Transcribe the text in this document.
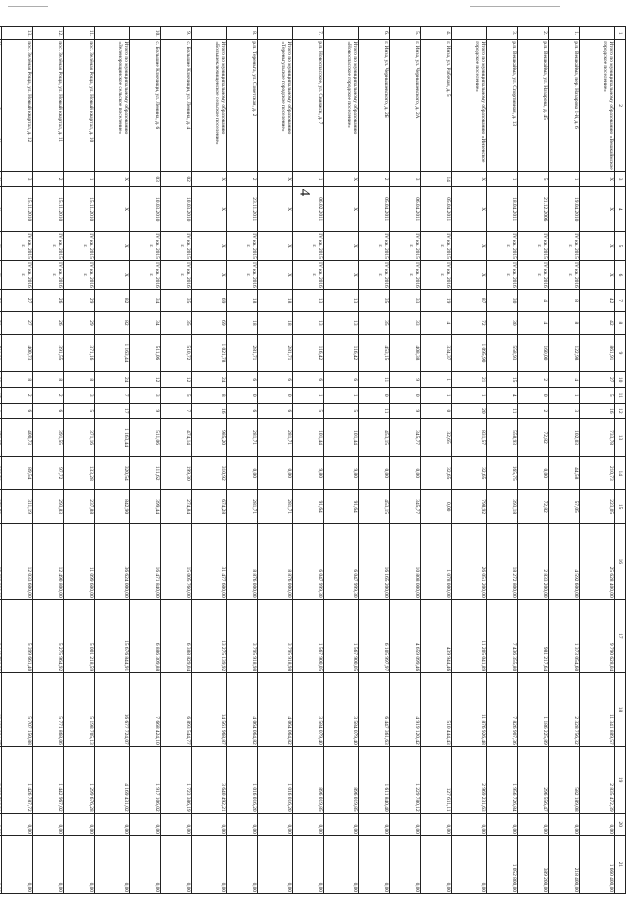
4
1	2	3	4	5	6	7	8	9	10	11	12	13	14	15	16	17	18	19	20	21
	Итого по муниципальному образованию «Вешкаймское городское поселение»	X	X	X	X	42	42	861,91	27	5	16	733,78	210,73	223,05	25 628 400,00	9 790 628,04	11 341 889,57	2 835 472,39	0,00	1 660 400,00
1.	р.п. Вешкайма, пер. Назарова 1-й, д. 6	1	19.04.2010	IV кв. 2015 г.	IV кв. 2016 г.	8	8	122,98	4	1	3	102,03	44,58	57,05	4 592 600,00	1 373 054,60	2 328 756,32	582 189,08	0,00	218 400,00
2.	р.п. Вешкайма, ул. Назарова, д. 45	5	21.12.2006	IV кв. 2015 г.	IV кв. 2016 г.	4	4	160,00	2	0	2	72,82	0,00	72,82	2 833 200,00	981 217,64	1 186 225,89	296 556,47	0,00	389 200,00
3.	р.п. Вешкайма, ул. Спортивная, д. 13	1	18.04.2011	IV кв. 2015 г.	IV кв. 2016 г.	30	30	558,93	15	4	11	558,93	165,75	393,18	18 272 800,00	7 436 355,80	7 826 907,36	1 956 726,84	0,00	1 052 800,00
	Итого по муниципальному образованию «Инзенское городское поселение»	X	X	X	X	87	72	1 095,90	21	1	20	831,57	32,65	798,92	26 051 200,00	11 205 041,89	11 876 926,48	2 969 231,63	0,00	0,00
4.	г. Инза, ул. Рабочая, д. 5	14	05.04.2011	IV кв. 2015 г.	IV кв. 2016 г.	19	4	334,37	1	1	0	32,65	32,65	0,00	1 078 000,00	439 944,46	510 444,43	127 611,11	0,00	0,00
5.	г. Инза, ул. Чернышевского, д. 2А	3	06.04.2011	IV кв. 2015 г.	IV кв. 2016 г.	33	33	408,38	9	0	9	345,77	0,00	345,77	10 808 000,00	4 659 099,46	4 919 120,42	1 229 780,12	0,00	0,00
6.	г. Инза, ул. Чернышевского, д. 2Б	2	05.04.2011	IV кв. 2015 г.	IV кв. 2016 г.	35	35	453,15	11	0	11	453,15	0,00	453,15	16 165 200,00	6 105 997,97	6 447 361,63	1 611 840,40	0,00	0,00
	Итого по муниципальному образованию «Новоспасское городское поселение»	X	X	X	X	13	13	116,42	6	1	5	101,44	9,80	91,64	6 047 999,30	1 567 900,05	3 584 079,40	896 019,85	0,00	0,00
7.	р.п. Новоспасское, ул. Свияжск, д. 7	1	06.02.2011	IV кв. 2015 г.	IV кв. 2016 г.	13	13	116,42	6	1	5	101,44	9,80	91,64	6 047 999,30	1 567 900,05	3 584 079,40	896 019,85	0,00	0,00
	Итого по муниципальному образованию «Тереньгульское городское поселение»	X	X	X	X	18	18	281,71	6	0	6	281,71	0,00	281,71	8 876 000,00	3 795 918,98	4 064 064,82	1 016 016,20	0,00	0,00
8.	р.п. Тереньга, ул. Советская, д. 2	2	23.11.2011	IV кв. 2015 г.	IV кв. 2016 г.	18	18	281,71	6	0	6	281,71	0,00	281,71	8 876 000,00	3 795 918,98	4 064 064,82	1 016 016,20	0,00	0,00
	Итого по муниципальному образованию «Большеключищенское сельское поселение»	X	X	X	X	69	69	1 021,78	24	8	16	985,20	310,92	674,28	31 477 600,00	13 275 139,92	14 561 968,87	3 640 492,21	0,00	0,00
9.	с. Большие Ключищи, ул. Ленина, д. 4	02	10.03.2010	IV кв. 2015 г.	IV кв. 2016 г.	35	35	510,72	12	5	7	474,14	199,30	274,84	15 005 760,00	6 388 829,04	6 893 544,77	1 723 386,19	0,00	0,00
10.	с. Большие Ключищи, ул. Ленина, д. 6	03	10.03.2010	IV кв. 2015 г.	IV кв. 2016 г.	34	34	511,06	12	3	9	511,06	111,62	399,44	16 471 840,00	6 886 309,88	7 668 424,10	1 917 106,02	0,00	0,00
	Итого по муниципальному образованию «Зеленорощинское сельское поселение»	X	X	X	X	82	82	1 163,44	24	7	17	1 163,44	320,54	842,90	36 624 000,00	15 676 844,91	16 677 724,07	4 169 431,02	0,00	0,00
11.	пос. Зелёная Роща, ул. Новый квартал, д. 10	1	15.11.2010	IV кв. 2015 г.	IV кв. 2016 г.	29	29	371,16	8	3	5	371,16	133,28	237,88	11 099 600,00	5 001 218,59	5 198 705,13	1 299 676,28	0,00	0,00
12.	пос. Зелёная Роща, ул. Новый квартал, д. 11	2	15.11.2010	IV кв. 2015 г.	IV кв. 2016 г.	26	26	391,55	8	2	6	391,55	97,72	293,83	12 490 800,00	5 275 964,92	5 771 868,06	1 442 967,02	0,00	0,00
13.	пос. Зелёная Роща, ул. Новый квартал, д. 12	3	15.11.2010	IV кв. 2015 г.	IV кв. 2016 г.	27	27	400,73	8	2	6	400,73	89,54	311,19	12 033 600,00	5 399 661,40	5 707 150,88	1 426 787,72	0,00	0,00
